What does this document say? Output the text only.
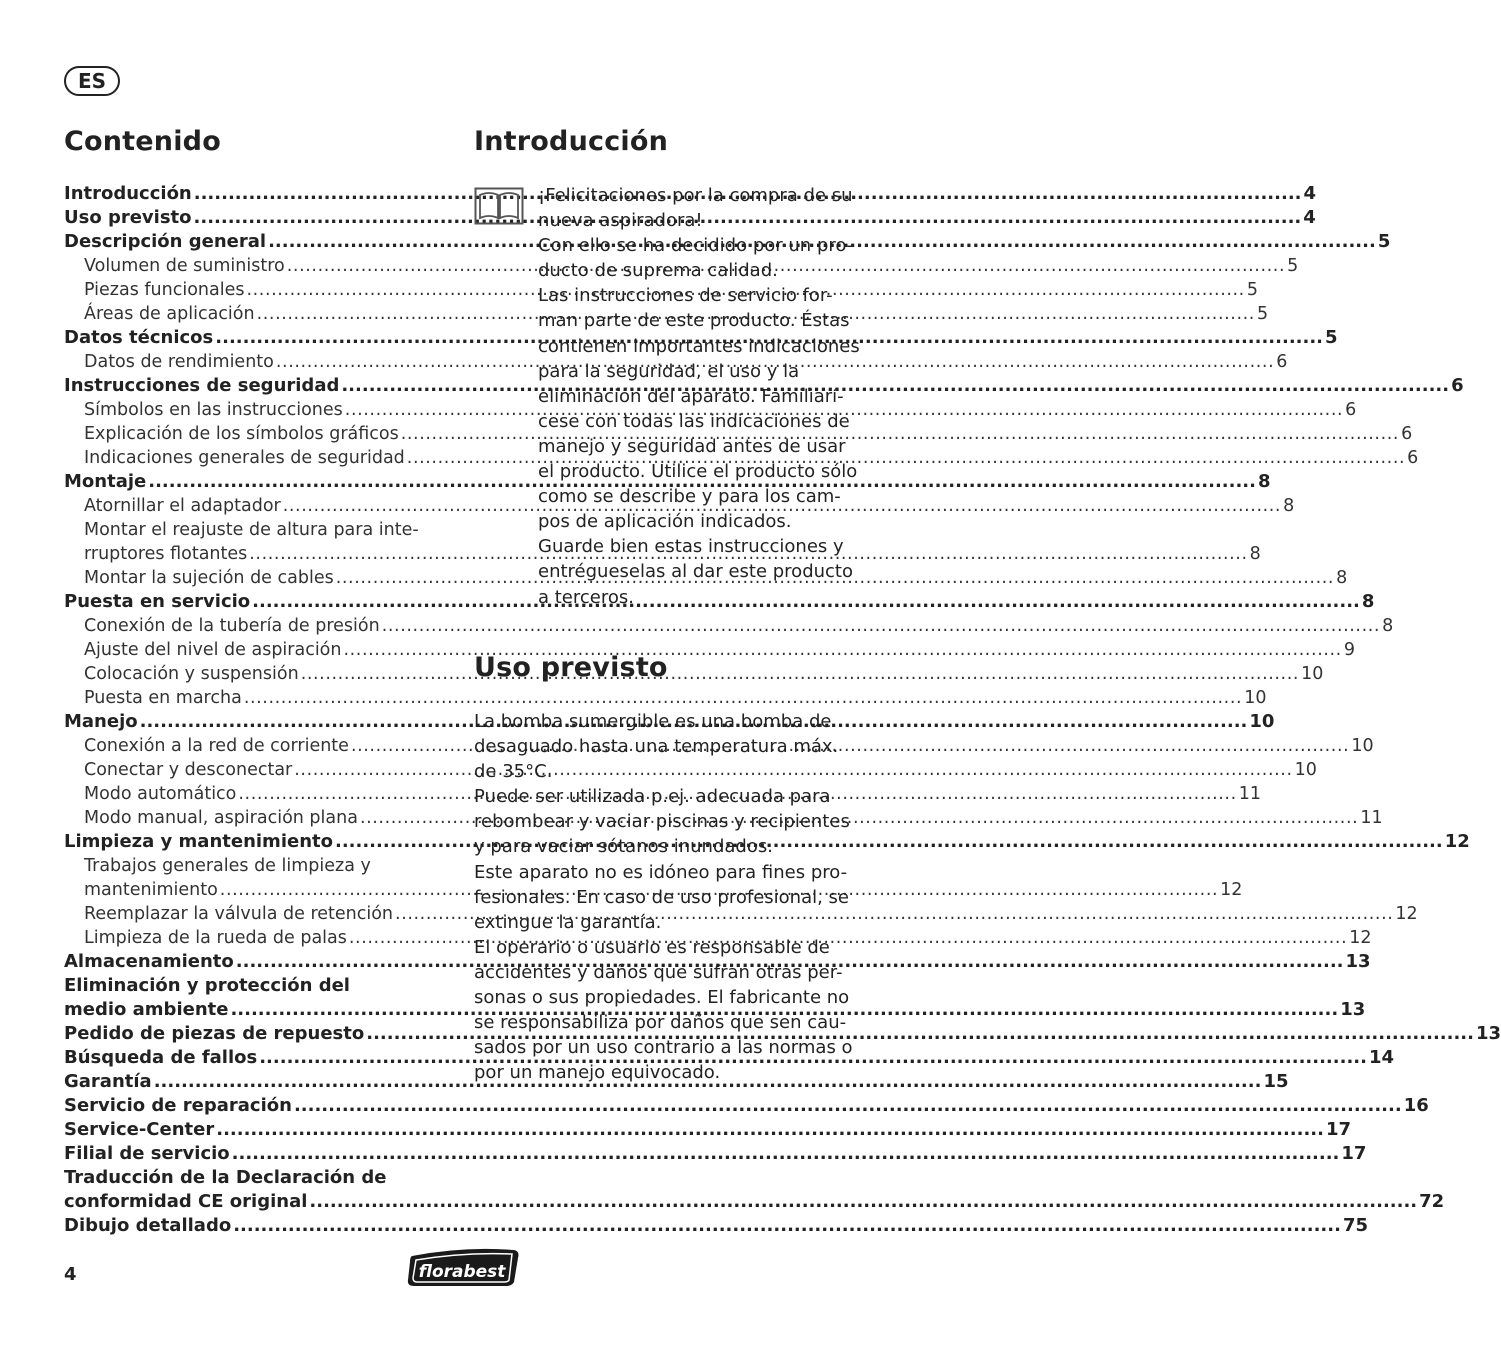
ES
Contenido
Introducción .....	4
Uso previsto .....	4
Descripción general .....	5
Volumen de suministro .....	5
Piezas funcionales .....	5
Áreas de aplicación .....	5
Datos técnicos .....	5
Datos de rendimiento .....	6
Instrucciones de seguridad .....	6
Símbolos en las instrucciones .....	6
Explicación de los símbolos gráficos .....	6
Indicaciones generales de seguridad .....	6
Montaje .....	8
Atornillar el adaptador .....	8
Montar el reajuste de altura para inte-
rruptores flotantes .....	8
Montar la sujeción de cables .....	8
Puesta en servicio .....	8
Conexión de la tubería de presión .....	8
Ajuste del nivel de aspiración .....	9
Colocación y suspensión .....	10
Puesta en marcha .....	10
Manejo .....	10
Conexión a la red de corriente .....	10
Conectar y desconectar .....	10
Modo automático .....	11
Modo manual, aspiración plana .....	11
Limpieza y mantenimiento .....	12
Trabajos generales de limpieza y
mantenimiento .....	12
Reemplazar la válvula de retención .....	12
Limpieza de la rueda de palas .....	12
Almacenamiento .....	13
Eliminación y protección del
medio ambiente .....	13
Pedido de piezas de repuesto .....	13
Búsqueda de fallos .....	14
Garantía .....	15
Servicio de reparación .....	16
Service-Center .....	17
Filial de servicio .....	17
Traducción de la Declaración de
conformidad CE original .....	72
Dibujo detallado .....	75
Introducción
¡Felicitaciones por la compra de su
nueva aspiradora!
Con ello se ha decidido por un pro-
ducto de suprema calidad.
Las instrucciones de servicio for-
man parte de este producto. Éstas
contienen importantes indicaciones
para la seguridad, el uso y la
eliminación del aparato. Familiarí-
cese con todas las indicaciones de
manejo y seguridad antes de usar
el producto. Utilice el producto sólo
como se describe y para los cam-
pos de aplicación indicados.
Guarde bien estas instrucciones y
entrégueselas al dar este producto
a terceros.
Uso previsto
La bomba sumergible es una bomba de
desaguado hasta una temperatura máx.
de 35°C.
Puede ser utilizada p.ej. adecuada para
rebombear y vaciar piscinas y recipientes
y para vaciar sótanos inundados.
Este aparato no es idóneo para fines pro-
fesionales. En caso de uso profesional, se
extingue la garantía.
El operario o usuario es responsable de
accidentes y daños que sufran otras per-
sonas o sus propiedades. El fabricante no
se responsabiliza por daños que sen cau-
sados por un uso contrario a las normas o
por un manejo equivocado.
4	florabest
